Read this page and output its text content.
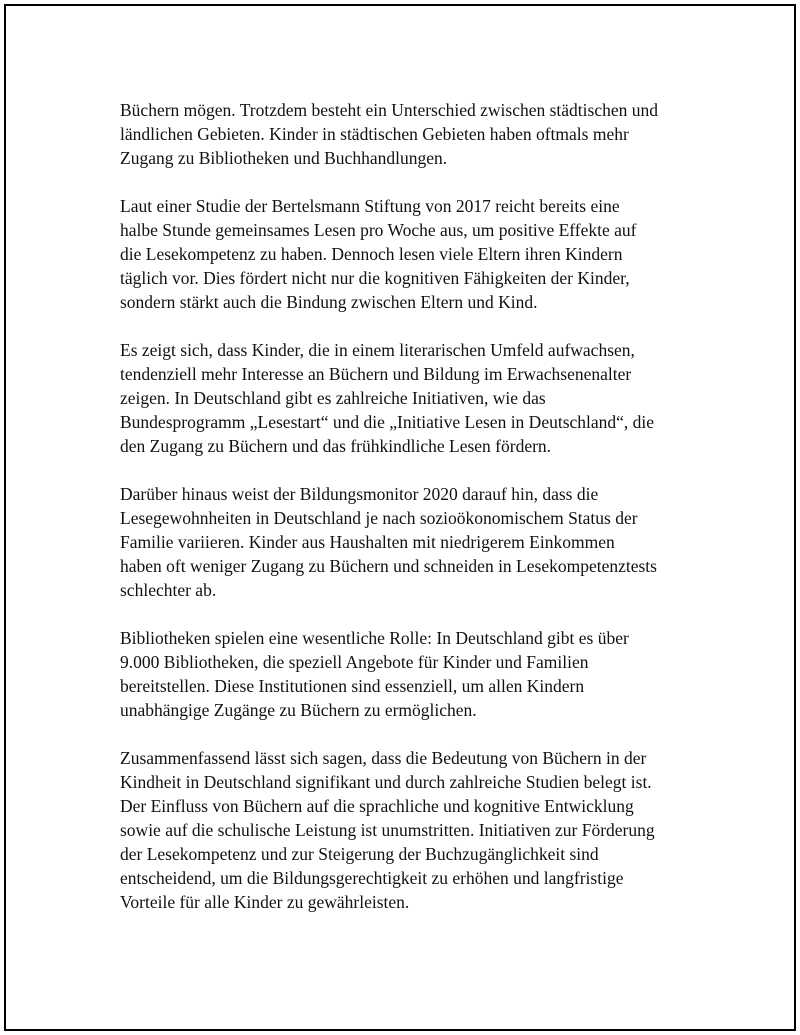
Büchern mögen. Trotzdem besteht ein Unterschied zwischen städtischen und
ländlichen Gebieten. Kinder in städtischen Gebieten haben oftmals mehr
Zugang zu Bibliotheken und Buchhandlungen.

Laut einer Studie der Bertelsmann Stiftung von 2017 reicht bereits eine
halbe Stunde gemeinsames Lesen pro Woche aus, um positive Effekte auf
die Lesekompetenz zu haben. Dennoch lesen viele Eltern ihren Kindern
täglich vor. Dies fördert nicht nur die kognitiven Fähigkeiten der Kinder,
sondern stärkt auch die Bindung zwischen Eltern und Kind.

Es zeigt sich, dass Kinder, die in einem literarischen Umfeld aufwachsen,
tendenziell mehr Interesse an Büchern und Bildung im Erwachsenenalter
zeigen. In Deutschland gibt es zahlreiche Initiativen, wie das
Bundesprogramm „Lesestart“ und die „Initiative Lesen in Deutschland“, die
den Zugang zu Büchern und das frühkindliche Lesen fördern.

Darüber hinaus weist der Bildungsmonitor 2020 darauf hin, dass die
Lesegewohnheiten in Deutschland je nach sozioökonomischem Status der
Familie variieren. Kinder aus Haushalten mit niedrigerem Einkommen
haben oft weniger Zugang zu Büchern und schneiden in Lesekompetenztests
schlechter ab.

Bibliotheken spielen eine wesentliche Rolle: In Deutschland gibt es über
9.000 Bibliotheken, die speziell Angebote für Kinder und Familien
bereitstellen. Diese Institutionen sind essenziell, um allen Kindern
unabhängige Zugänge zu Büchern zu ermöglichen.

Zusammenfassend lässt sich sagen, dass die Bedeutung von Büchern in der
Kindheit in Deutschland signifikant und durch zahlreiche Studien belegt ist.
Der Einfluss von Büchern auf die sprachliche und kognitive Entwicklung
sowie auf die schulische Leistung ist unumstritten. Initiativen zur Förderung
der Lesekompetenz und zur Steigerung der Buchzugänglichkeit sind
entscheidend, um die Bildungsgerechtigkeit zu erhöhen und langfristige
Vorteile für alle Kinder zu gewährleisten.
